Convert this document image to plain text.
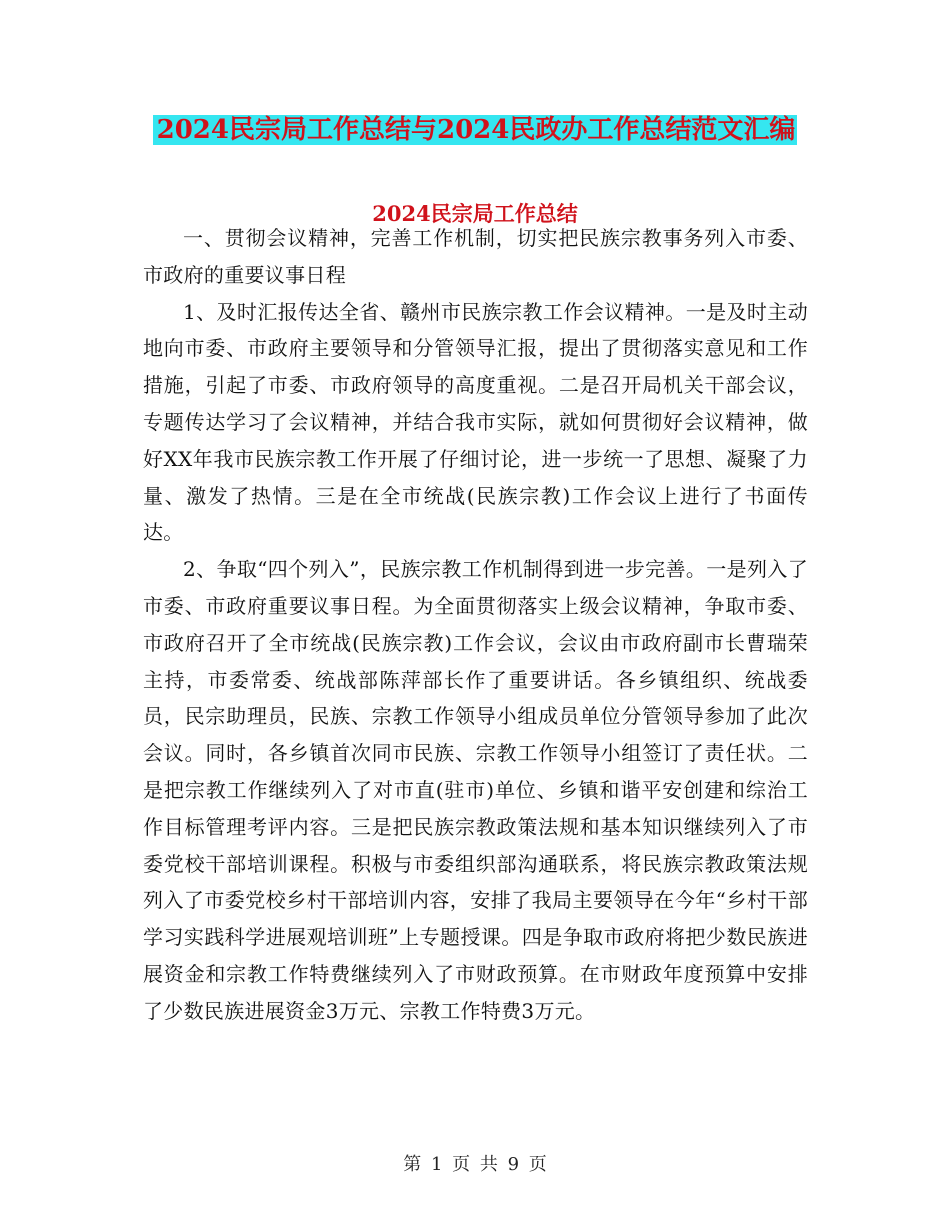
2024民宗局工作总结与2024民政办工作总结范文汇编
2024民宗局工作总结

一、贯彻会议精神，完善工作机制，切实把民族宗教事务列入市委、市政府的重要议事日程

1、及时汇报传达全省、赣州市民族宗教工作会议精神。一是及时主动地向市委、市政府主要领导和分管领导汇报，提出了贯彻落实意见和工作措施，引起了市委、市政府领导的高度重视。二是召开局机关干部会议，专题传达学习了会议精神，并结合我市实际，就如何贯彻好会议精神，做好XX年我市民族宗教工作开展了仔细讨论，进一步统一了思想、凝聚了力量、激发了热情。三是在全市统战(民族宗教)工作会议上进行了书面传达。

2、争取“四个列入”，民族宗教工作机制得到进一步完善。一是列入了市委、市政府重要议事日程。为全面贯彻落实上级会议精神，争取市委、市政府召开了全市统战(民族宗教)工作会议，会议由市政府副市长曹瑞荣主持，市委常委、统战部陈萍部长作了重要讲话。各乡镇组织、统战委员，民宗助理员，民族、宗教工作领导小组成员单位分管领导参加了此次会议。同时，各乡镇首次同市民族、宗教工作领导小组签订了责任状。二是把宗教工作继续列入了对市直(驻市)单位、乡镇和谐平安创建和综治工作目标管理考评内容。三是把民族宗教政策法规和基本知识继续列入了市委党校干部培训课程。积极与市委组织部沟通联系，将民族宗教政策法规列入了市委党校乡村干部培训内容，安排了我局主要领导在今年“乡村干部学习实践科学进展观培训班”上专题授课。四是争取市政府将把少数民族进展资金和宗教工作特费继续列入了市财政预算。在市财政年度预算中安排了少数民族进展资金3万元、宗教工作特费3万元。

第 1 页 共 9 页
